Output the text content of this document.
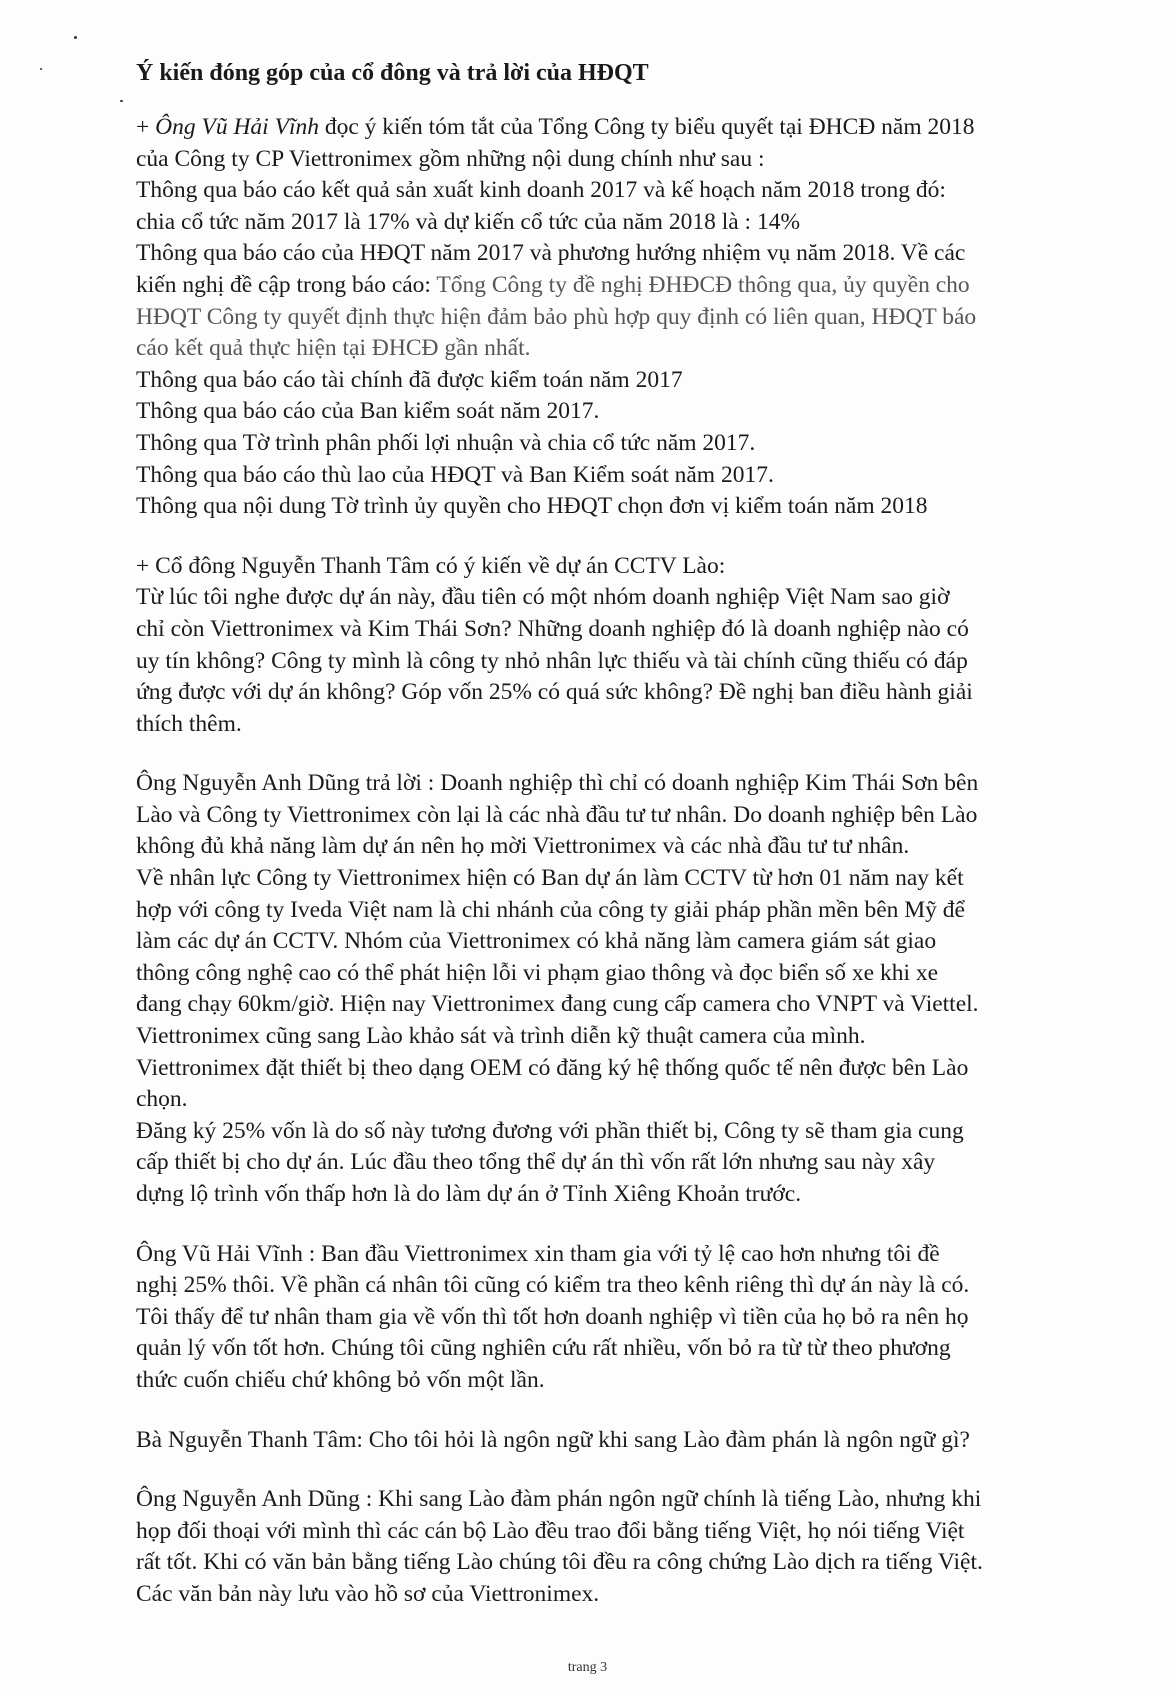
Ý kiến đóng góp của cổ đông và trả lời của HĐQT
+ Ông Vũ Hải Vĩnh đọc ý kiến tóm tắt của Tổng Công ty biểu quyết tại ĐHCĐ năm 2018
của Công ty CP Viettronimex gồm những nội dung chính như sau :
Thông qua báo cáo kết quả sản xuất kinh doanh 2017 và kế hoạch năm 2018 trong đó:
chia cổ tức năm 2017 là 17% và dự kiến cổ tức của năm 2018 là : 14%
Thông qua báo cáo của HĐQT năm 2017 và phương hướng nhiệm vụ năm 2018. Về các
kiến nghị đề cập trong báo cáo: Tổng Công ty đề nghị ĐHĐCĐ thông qua, ủy quyền cho
HĐQT Công ty quyết định thực hiện đảm bảo phù hợp quy định có liên quan, HĐQT báo
cáo kết quả thực hiện tại ĐHCĐ gần nhất.
Thông qua báo cáo tài chính đã được kiểm toán năm 2017
Thông qua báo cáo của Ban kiểm soát năm 2017.
Thông qua Tờ trình phân phối lợi nhuận và chia cổ tức năm 2017.
Thông qua báo cáo thù lao của HĐQT và Ban Kiểm soát năm 2017.
Thông qua nội dung Tờ trình ủy quyền cho HĐQT chọn đơn vị kiểm toán năm 2018
+ Cổ đông Nguyễn Thanh Tâm có ý kiến về dự án CCTV Lào:
Từ lúc tôi nghe được dự án này, đầu tiên có một nhóm doanh nghiệp Việt Nam sao giờ
chỉ còn Viettronimex và Kim Thái Sơn? Những doanh nghiệp đó là doanh nghiệp nào có
uy tín không? Công ty mình là công ty nhỏ nhân lực thiếu và tài chính cũng thiếu có đáp
ứng được với dự án không? Góp vốn 25% có quá sức không? Đề nghị ban điều hành giải
thích thêm.
Ông Nguyễn Anh Dũng trả lời : Doanh nghiệp thì chỉ có doanh nghiệp Kim Thái Sơn bên
Lào và Công ty Viettronimex còn lại là các nhà đầu tư tư nhân. Do doanh nghiệp bên Lào
không đủ khả năng làm dự án nên họ mời Viettronimex và các nhà đầu tư tư nhân.
Về nhân lực Công ty Viettronimex hiện có Ban dự án làm CCTV từ hơn 01 năm nay kết
hợp với công ty Iveda Việt nam là chi nhánh của công ty giải pháp phần mền bên Mỹ để
làm các dự án CCTV. Nhóm của Viettronimex có khả năng làm camera giám sát giao
thông công nghệ cao có thể phát hiện lỗi vi phạm giao thông và đọc biển số xe khi xe
đang chạy 60km/giờ. Hiện nay Viettronimex đang cung cấp camera cho VNPT và Viettel.
Viettronimex cũng sang Lào khảo sát và trình diễn kỹ thuật camera của mình.
Viettronimex đặt thiết bị theo dạng OEM có đăng ký hệ thống quốc tế nên được bên Lào
chọn.
Đăng ký 25% vốn là do số này tương đương với phần thiết bị, Công ty sẽ tham gia cung
cấp thiết bị cho dự án. Lúc đầu theo tổng thể dự án thì vốn rất lớn nhưng sau này xây
dựng lộ trình vốn thấp hơn là do làm dự án ở Tỉnh Xiêng Khoản trước.
Ông Vũ Hải Vĩnh : Ban đầu Viettronimex xin tham gia với tỷ lệ cao hơn nhưng tôi đề
nghị 25% thôi. Về phần cá nhân tôi cũng có kiểm tra theo kênh riêng thì dự án này là có.
Tôi thấy để tư nhân tham gia về vốn thì tốt hơn doanh nghiệp vì tiền của họ bỏ ra nên họ
quản lý vốn tốt hơn. Chúng tôi cũng nghiên cứu rất nhiều, vốn bỏ ra từ từ theo phương
thức cuốn chiếu chứ không bỏ vốn một lần.
Bà Nguyễn Thanh Tâm: Cho tôi hỏi là ngôn ngữ khi sang Lào đàm phán là ngôn ngữ gì?
Ông Nguyễn Anh Dũng : Khi sang Lào đàm phán ngôn ngữ chính là tiếng Lào, nhưng khi
họp đối thoại với mình thì các cán bộ Lào đều trao đổi bằng tiếng Việt, họ nói tiếng Việt
rất tốt. Khi có văn bản bằng tiếng Lào chúng tôi đều ra công chứng Lào dịch ra tiếng Việt.
Các văn bản này lưu vào hồ sơ của Viettronimex.
trang 3
